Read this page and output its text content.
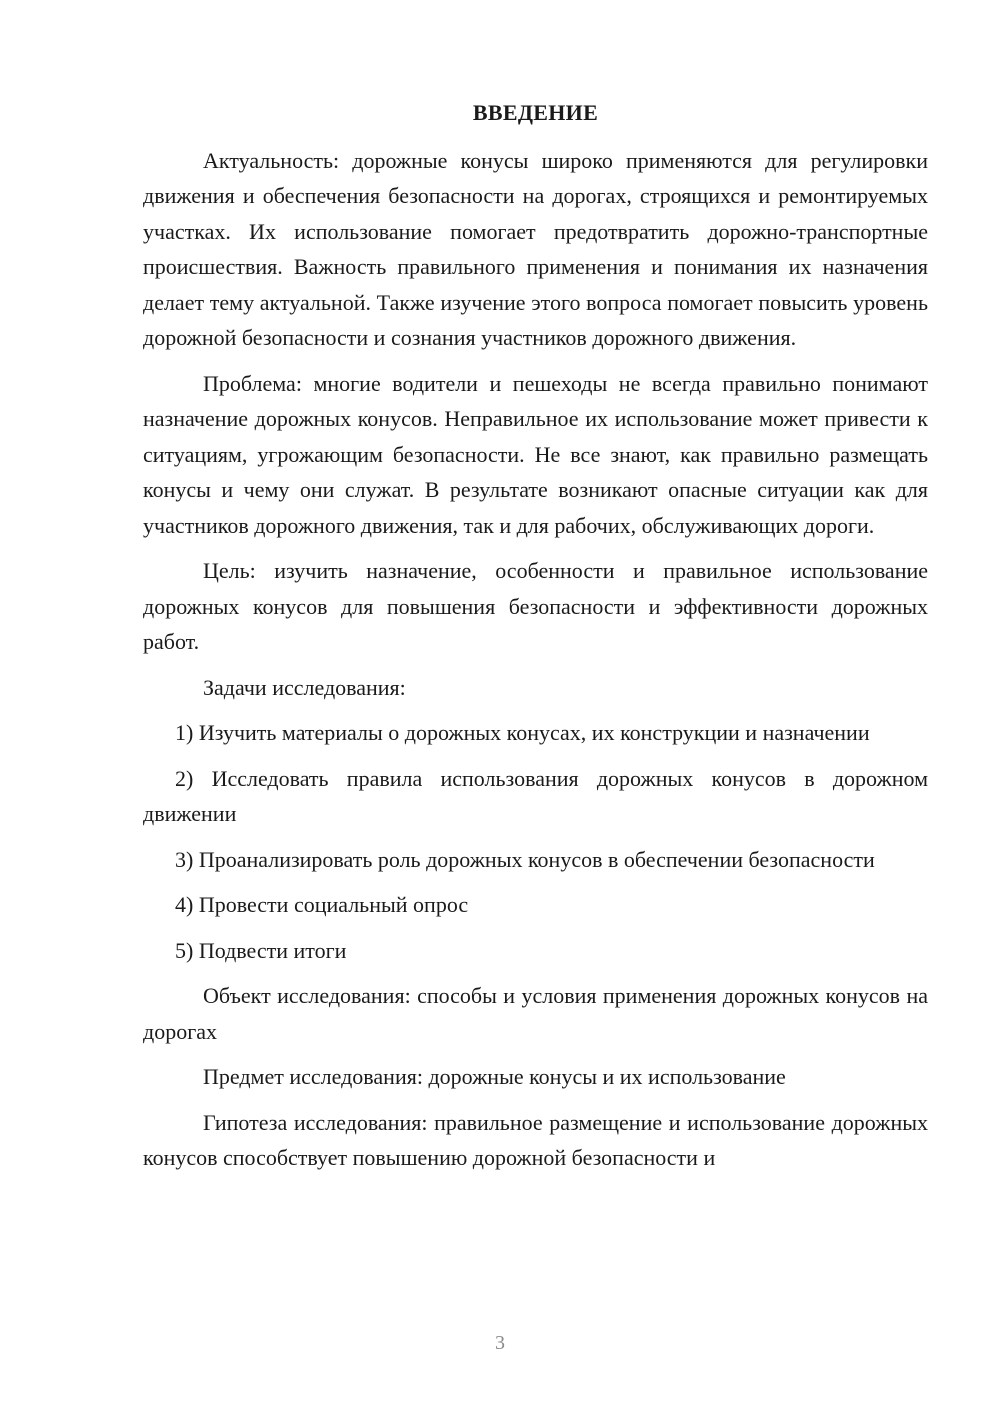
ВВЕДЕНИЕ

Актуальность: дорожные конусы широко применяются для регулировки движения и обеспечения безопасности на дорогах, строящихся и ремонтируемых участках. Их использование помогает предотвратить дорожно-транспортные происшествия. Важность правильного применения и понимания их назначения делает тему актуальной. Также изучение этого вопроса помогает повысить уровень дорожной безопасности и сознания участников дорожного движения.

Проблема: многие водители и пешеходы не всегда правильно понимают назначение дорожных конусов. Неправильное их использование может привести к ситуациям, угрожающим безопасности. Не все знают, как правильно размещать конусы и чему они служат. В результате возникают опасные ситуации как для участников дорожного движения, так и для рабочих, обслуживающих дороги.

Цель: изучить назначение, особенности и правильное использование дорожных конусов для повышения безопасности и эффективности дорожных работ.

Задачи исследования:

1) Изучить материалы о дорожных конусах, их конструкции и назначении

2) Исследовать правила использования дорожных конусов в дорожном движении

3) Проанализировать роль дорожных конусов в обеспечении безопасности

4) Провести социальный опрос

5) Подвести итоги

Объект исследования: способы и условия применения дорожных конусов на дорогах

Предмет исследования: дорожные конусы и их использование

Гипотеза исследования: правильное размещение и использование дорожных конусов способствует повышению дорожной безопасности и

3
